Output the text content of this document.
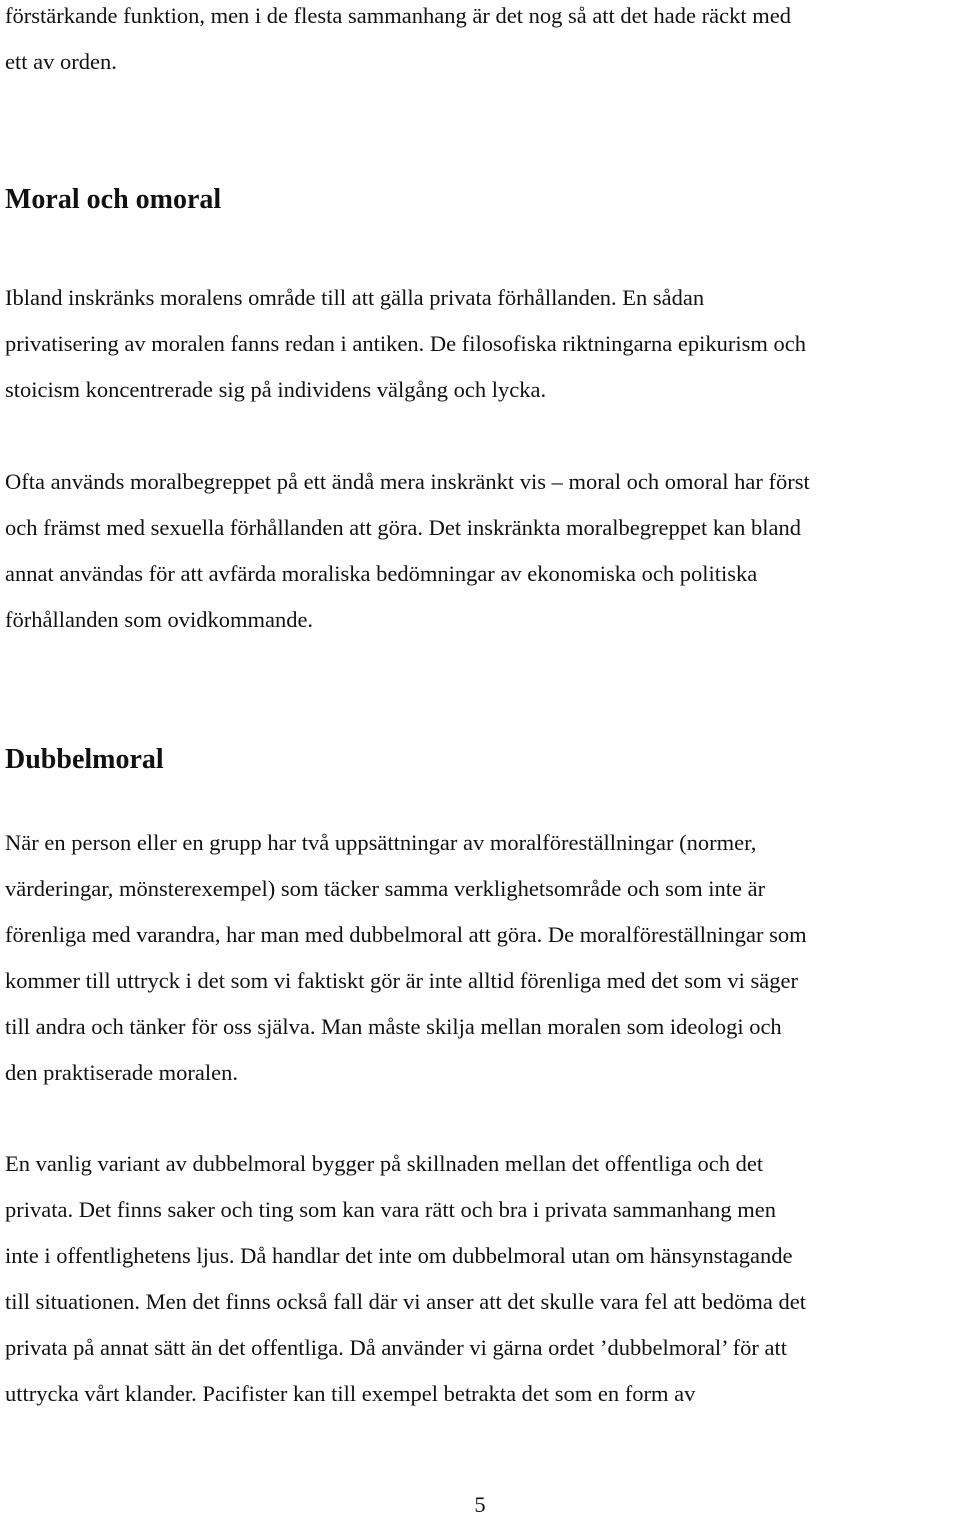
förstärkande funktion, men i de flesta sammanhang är det nog så att det hade räckt med
ett av orden.

Moral och omoral

Ibland inskränks moralens område till att gälla privata förhållanden. En sådan
privatisering av moralen fanns redan i antiken. De filosofiska riktningarna epikurism och
stoicism koncentrerade sig på individens välgång och lycka.

Ofta används moralbegreppet på ett ändå mera inskränkt vis – moral och omoral har först
och främst med sexuella förhållanden att göra. Det inskränkta moralbegreppet kan bland
annat användas för att avfärda moraliska bedömningar av ekonomiska och politiska
förhållanden som ovidkommande.

Dubbelmoral

När en person eller en grupp har två uppsättningar av moralföreställningar (normer,
värderingar, mönsterexempel) som täcker samma verklighetsområde och som inte är
förenliga med varandra, har man med dubbelmoral att göra. De moralföreställningar som
kommer till uttryck i det som vi faktiskt gör är inte alltid förenliga med det som vi säger
till andra och tänker för oss själva. Man måste skilja mellan moralen som ideologi och
den praktiserade moralen.

En vanlig variant av dubbelmoral bygger på skillnaden mellan det offentliga och det
privata. Det finns saker och ting som kan vara rätt och bra i privata sammanhang men
inte i offentlighetens ljus. Då handlar det inte om dubbelmoral utan om hänsynstagande
till situationen. Men det finns också fall där vi anser att det skulle vara fel att bedöma det
privata på annat sätt än det offentliga. Då använder vi gärna ordet ’dubbelmoral’ för att
uttrycka vårt klander. Pacifister kan till exempel betrakta det som en form av

5
